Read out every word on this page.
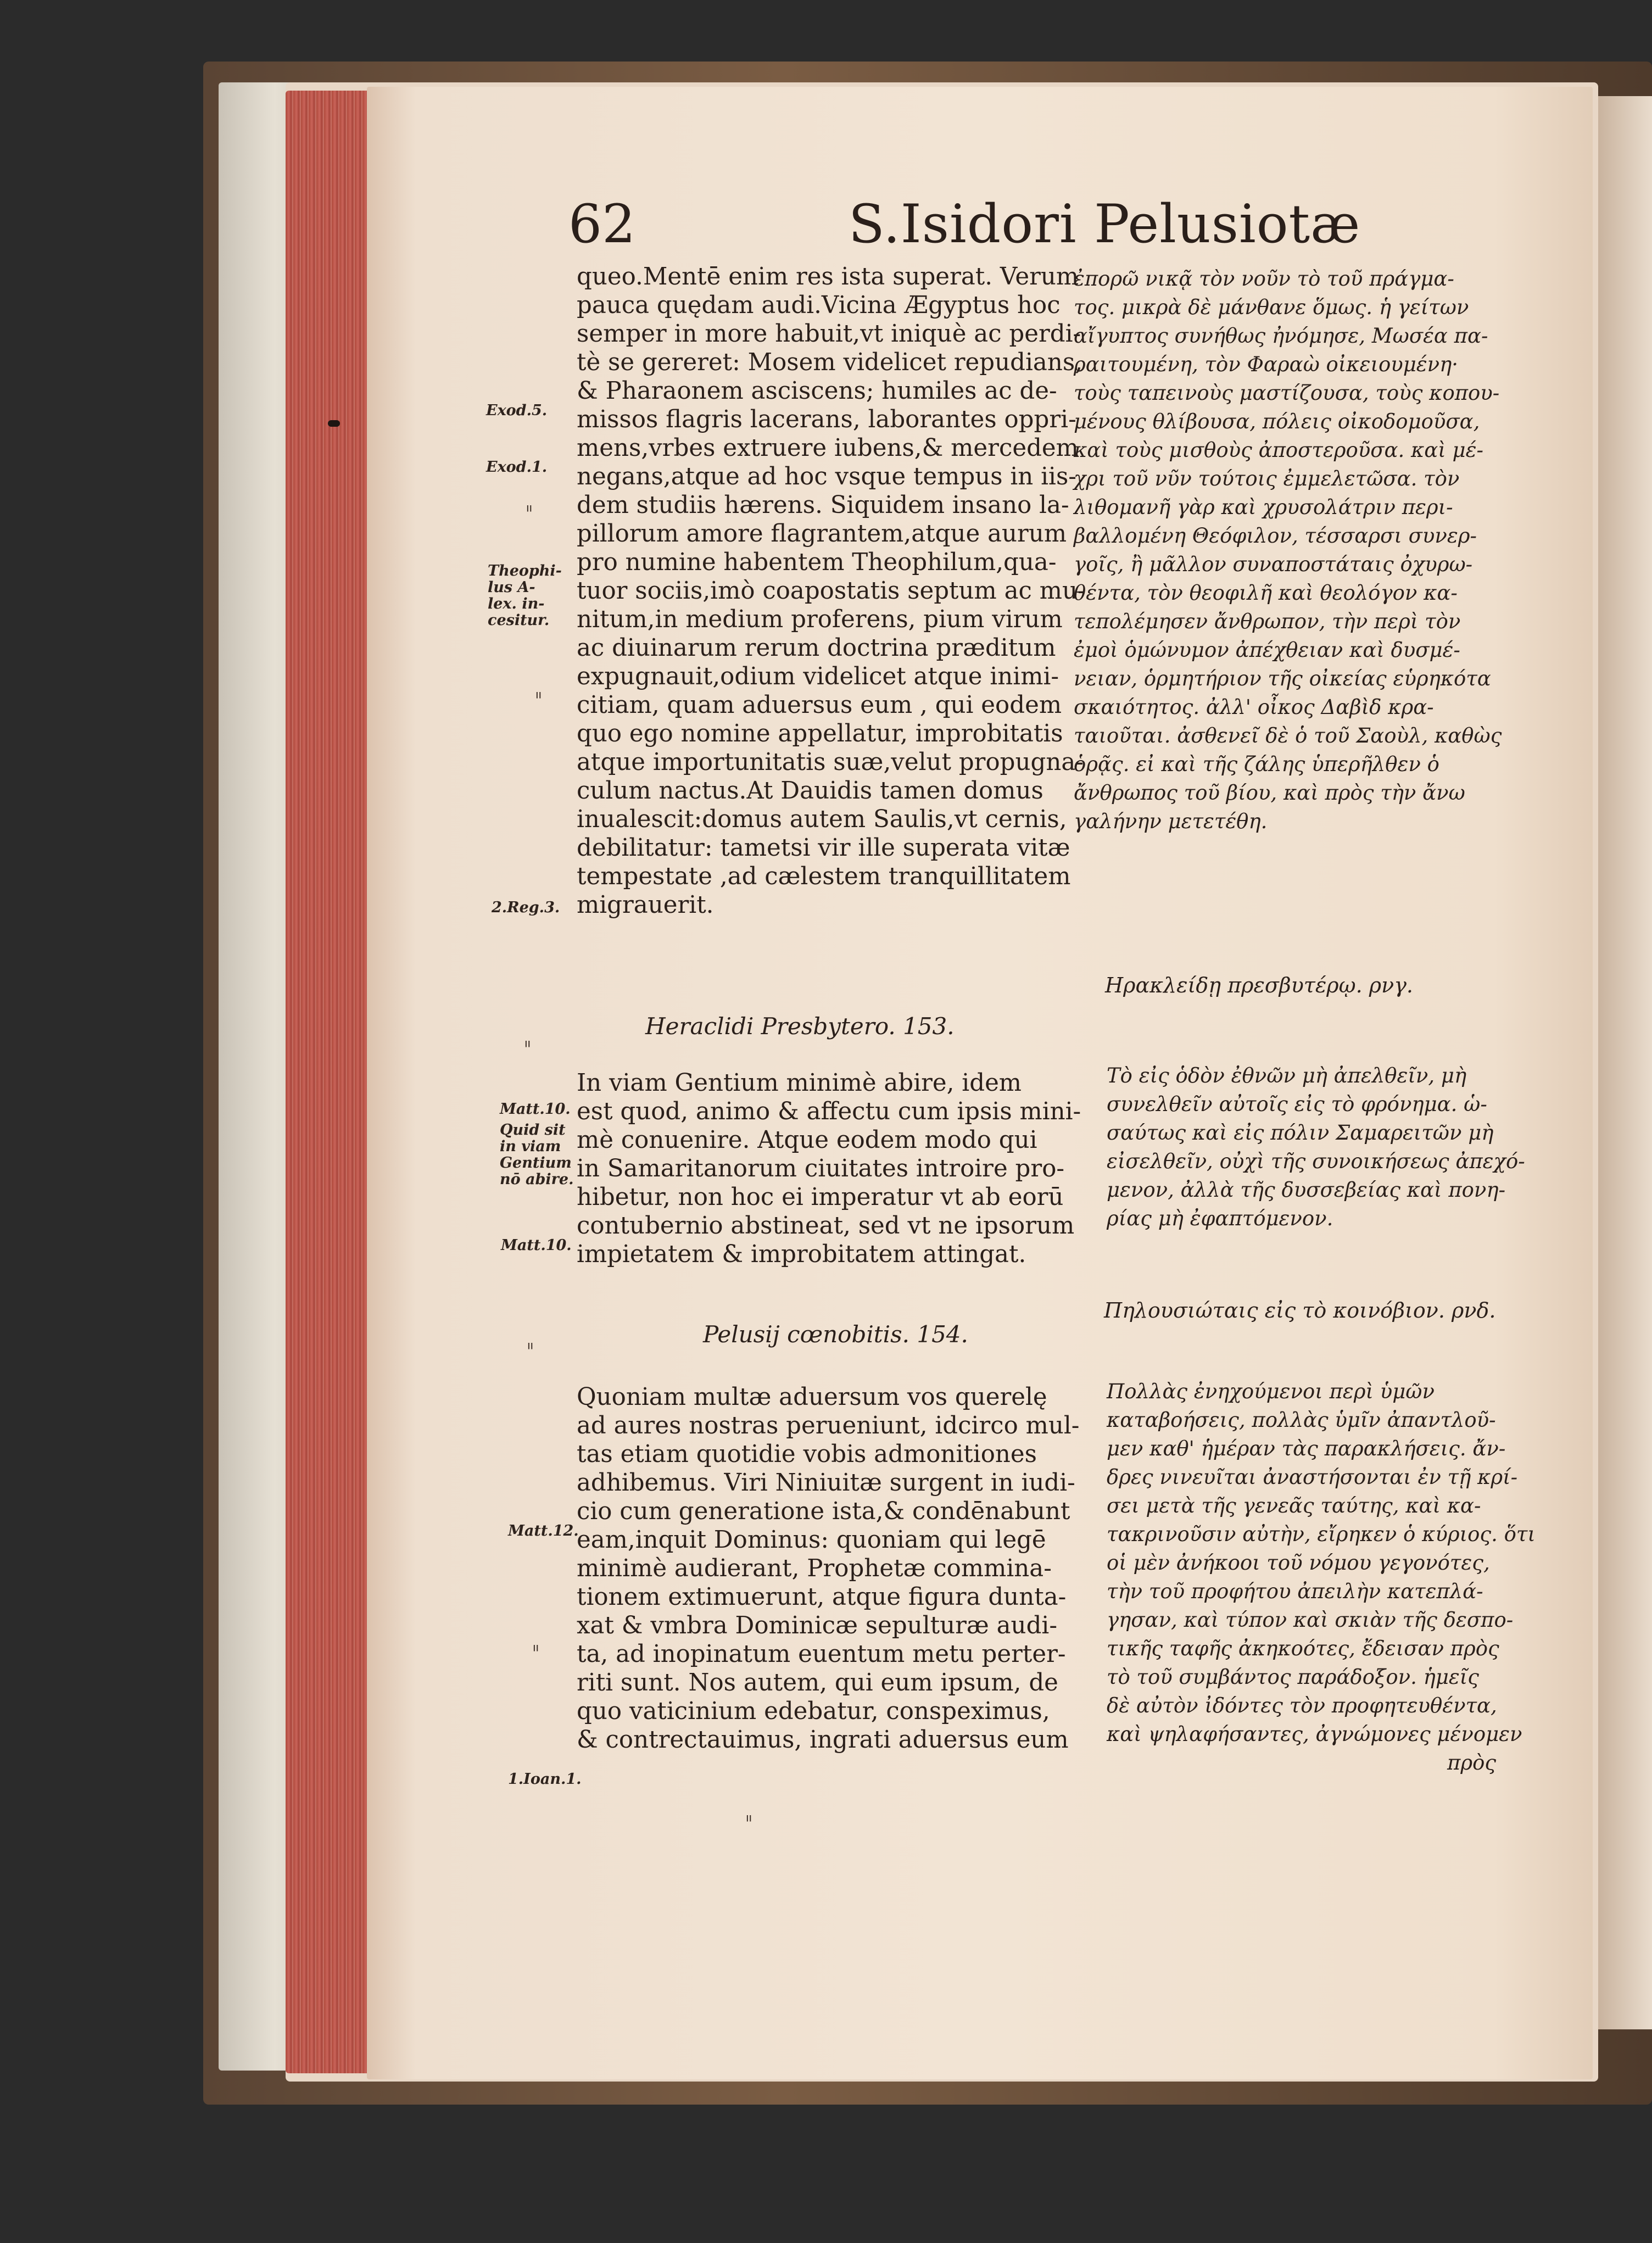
62	S.Isidori Pelusiotæ
queo.Mentē enim res ista superat. Verum
pauca quędam audi.Vicina Ægyptus hoc
semper in more habuit,vt iniquè ac perdi-
tè se gereret: Mosem videlicet repudians,
& Pharaonem asciscens; humiles ac de-
missos flagris lacerans, laborantes oppri-
mens,vrbes extruere iubens,& mercedem
negans,atque ad hoc vsque tempus in iis-
dem studiis hærens. Siquidem insano la-
pillorum amore flagrantem,atque aurum
pro numine habentem Theophilum,qua-
tuor sociis,imò coapostatis septum ac mu-
nitum,in medium proferens, pium virum
ac diuinarum rerum doctrina præditum
expugnauit,odium videlicet atque inimi-
citiam, quam aduersus eum , qui eodem
quo ego nomine appellatur, improbitatis
atque importunitatis suæ,velut propugna-
culum nactus.At Dauidis tamen domus
inualescit:domus autem Saulis,vt cernis,
debilitatur: tametsi vir ille superata vitæ
tempestate ,ad cælestem tranquillitatem
migrauerit.
ἐπορῶ νικᾷ τὸν νοῦν τὸ τοῦ πράγμα-
τος. μικρὰ δὲ μάνθανε ὅμως. ἡ γείτων
αἴγυπτος συνήθως ἠνόμησε, Μωσέα πα-
ραιτουμένη, τὸν Φαραὼ οἰκειουμένη·
τοὺς ταπεινοὺς μαστίζουσα, τοὺς κοπου-
μένους θλίβουσα, πόλεις οἰκοδομοῦσα,
καὶ τοὺς μισθοὺς ἀποστεροῦσα. καὶ μέ-
χρι τοῦ νῦν τούτοις ἐμμελετῶσα. τὸν
λιθομανῆ γὰρ καὶ χρυσολάτριν περι-
βαλλομένη Θεόφιλον, τέσσαρσι συνερ-
γοῖς, ἢ μᾶλλον συναποστάταις ὀχυρω-
θέντα, τὸν θεοφιλῆ καὶ θεολόγον κα-
τεπολέμησεν ἄνθρωπον, τὴν περὶ τὸν
ἐμοὶ ὁμώνυμον ἀπέχθειαν καὶ δυσμέ-
νειαν, ὁρμητήριον τῆς οἰκείας εὑρηκότα
σκαιότητος. ἀλλ' οἶκος Δαβὶδ κρα-
ταιοῦται. ἀσθενεῖ δὲ ὁ τοῦ Σαοὺλ, καθὼς
ὁρᾷς. εἰ καὶ τῆς ζάλης ὑπερῆλθεν ὁ
ἄνθρωπος τοῦ βίου, καὶ πρὸς τὴν ἄνω
γαλήνην μετετέθη.
Ηρακλείδῃ πρεσβυτέρῳ. ρνγ.
Heraclidi Presbytero. 153.
In viam Gentium minimè abire, idem
est quod, animo & affectu cum ipsis mini-
mè conuenire. Atque eodem modo qui
in Samaritanorum ciuitates introire pro-
hibetur, non hoc ei imperatur vt ab eorū
contubernio abstineat, sed vt ne ipsorum
impietatem & improbitatem attingat.
Τὸ εἰς ὁδὸν ἐθνῶν μὴ ἀπελθεῖν, μὴ
συνελθεῖν αὐτοῖς εἰς τὸ φρόνημα. ὡ-
σαύτως καὶ εἰς πόλιν Σαμαρειτῶν μὴ
εἰσελθεῖν, οὐχὶ τῆς συνοικήσεως ἀπεχό-
μενον, ἀλλὰ τῆς δυσσεβείας καὶ πονη-
ρίας μὴ ἐφαπτόμενον.
Πηλουσιώταις εἰς τὸ κοινόβιον. ρνδ.
Pelusij cœnobitis. 154.
Quoniam multæ aduersum vos querelę
ad aures nostras perueniunt, idcirco mul-
tas etiam quotidie vobis admonitiones
adhibemus. Viri Niniuitæ surgent in iudi-
cio cum generatione ista,& condēnabunt
eam,inquit Dominus: quoniam qui legē
minimè audierant, Prophetæ commina-
tionem extimuerunt, atque figura dunta-
xat & vmbra Dominicæ sepulturæ audi-
ta, ad inopinatum euentum metu perter-
riti sunt. Nos autem, qui eum ipsum, de
quo vaticinium edebatur, conspeximus,
& contrectauimus, ingrati aduersus eum
Πολλὰς ἐνηχούμενοι περὶ ὑμῶν
καταβοήσεις, πολλὰς ὑμῖν ἀπαντλοῦ-
μεν καθ' ἡμέραν τὰς παρακλήσεις. ἄν-
δρες νινευῖται ἀναστήσονται ἐν τῇ κρί-
σει μετὰ τῆς γενεᾶς ταύτης, καὶ κα-
τακρινοῦσιν αὐτὴν, εἴρηκεν ὁ κύριος. ὅτι
οἱ μὲν ἀνήκοοι τοῦ νόμου γεγονότες,
τὴν τοῦ προφήτου ἀπειλὴν κατεπλά-
γησαν, καὶ τύπον καὶ σκιὰν τῆς δεσπο-
τικῆς ταφῆς ἀκηκοότες, ἔδεισαν πρὸς
τὸ τοῦ συμβάντος παράδοξον. ἡμεῖς
δὲ αὐτὸν ἰδόντες τὸν προφητευθέντα,
καὶ ψηλαφήσαντες, ἀγνώμονες μένομεν
πρὸς
Exod.5.
Exod.1.
Theophi-
lus A-
lex. in-
cesitur.
2.Reg.3.
Matt.10.
Quid sit
in viam
Gentium
nō abire.
Matt.10.
Matt.12.
1.Ioan.1.
ᐦ
ᐦ
ᐦ
ᐦ
ᐦ
ᐦ
